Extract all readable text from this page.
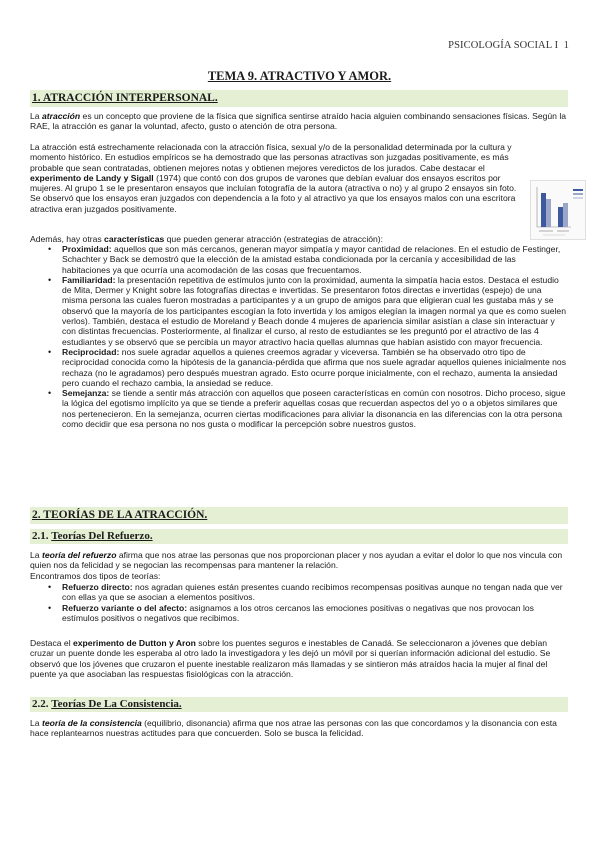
PSICOLOGÍA SOCIAL I 1
TEMA 9. ATRACTIVO Y AMOR.
1. ATRACCIÓN INTERPERSONAL.

La atracción es un concepto que proviene de la física que significa sentirse atraído hacia alguien combinando sensaciones físicas. Según la RAE, la atracción es ganar la voluntad, afecto, gusto o atención de otra persona.

La atracción está estrechamente relacionada con la atracción física, sexual y/o de la personalidad determinada por la cultura y momento histórico. En estudios empíricos se ha demostrado que las personas atractivas son juzgadas positivamente, es más probable que sean contratadas, obtienen mejores notas y obtienen mejores veredictos de los jurados. Cabe destacar el experimento de Landy y Sigall (1974) que contó con dos grupos de varones que debían evaluar dos ensayos escritos por mujeres. Al grupo 1 se le presentaron ensayos que incluían fotografía de la autora (atractiva o no) y al grupo 2 ensayos sin foto. Se observó que los ensayos eran juzgados con dependencia a la foto y al atractivo ya que los ensayos malos con una escritora atractiva eran juzgados positivamente.

Además, hay otras características que pueden generar atracción (estrategias de atracción):

• Proximidad: aquellos que son más cercanos, generan mayor simpatía y mayor cantidad de relaciones. En el estudio de Festinger, Schachter y Back se demostró que la elección de la amistad estaba condicionada por la cercanía y accesibilidad de las habitaciones ya que ocurría una acomodación de las cosas que frecuentamos.
• Familiaridad: la presentación repetitiva de estímulos junto con la proximidad, aumenta la simpatía hacia estos. Destaca el estudio de Mita, Dermer y Knight sobre las fotografías directas e invertidas. Se presentaron fotos directas e invertidas (espejo) de una misma persona las cuales fueron mostradas a participantes y a un grupo de amigos para que eligieran cual les gustaba más y se observó que la mayoría de los participantes escogían la foto invertida y los amigos elegían la imagen normal ya que es como suelen verlos). También, destaca el estudio de Moreland y Beach donde 4 mujeres de apariencia similar asistían a clase sin interactuar y con distintas frecuencias. Posteriormente, al finalizar el curso, al resto de estudiantes se les preguntó por el atractivo de las 4 estudiantes y se observó que se percibía un mayor atractivo hacia quellas alumnas que habían asistido con mayor frecuencia.
• Reciprocidad: nos suele agradar aquellos a quienes creemos agradar y viceversa. También se ha observado otro tipo de reciprocidad conocida como la hipótesis de la ganancia-pérdida que afirma que nos suele agradar aquellos quienes inicialmente nos rechaza (no le agradamos) pero después muestran agrado. Esto ocurre porque inicialmente, con el rechazo, aumenta la ansiedad pero cuando el rechazo cambia, la ansiedad se reduce.
• Semejanza: se tiende a sentir más atracción con aquellos que poseen características en común con nosotros. Dicho proceso, sigue la lógica del egotismo implícito ya que se tiende a preferir aquellas cosas que recuerdan aspectos del yo o a objetos similares que nos pertenecieron. En la semejanza, ocurren ciertas modificaciones para aliviar la disonancia en las diferencias con la otra persona como decidir que esa persona no nos gusta o modificar la percepción sobre nuestros gustos.
2. TEORÍAS DE LA ATRACCIÓN.
2.1. Teorías Del Refuerzo.

La teoría del refuerzo afirma que nos atrae las personas que nos proporcionan placer y nos ayudan a evitar el dolor lo que nos vincula con quien nos da felicidad y se negocian las recompensas para mantener la relación.

Encontramos dos tipos de teorías:

• Refuerzo directo: nos agradan quienes están presentes cuando recibimos recompensas positivas aunque no tengan nada que ver con ellas ya que se asocian a elementos positivos.
• Refuerzo variante o del afecto: asignamos a los otros cercanos las emociones positivas o negativas que nos provocan los estímulos positivos o negativos que recibimos.

Destaca el experimento de Dutton y Aron sobre los puentes seguros e inestables de Canadá. Se seleccionaron a jóvenes que debían cruzar un puente donde les esperaba al otro lado la investigadora y les dejó un móvil por si querían información adicional del estudio. Se observó que los jóvenes que cruzaron el puente inestable realizaron más llamadas y se sintieron más atraídos hacia la mujer al final del puente ya que asociaban las respuestas fisiológicas con la atracción.

2.2. Teorías De La Consistencia.

La teoría de la consistencia (equilibrio, disonancia) afirma que nos atrae las personas con las que concordamos y la disonancia con esta hace replantearnos nuestras actitudes para que concuerden. Solo se busca la felicidad.
